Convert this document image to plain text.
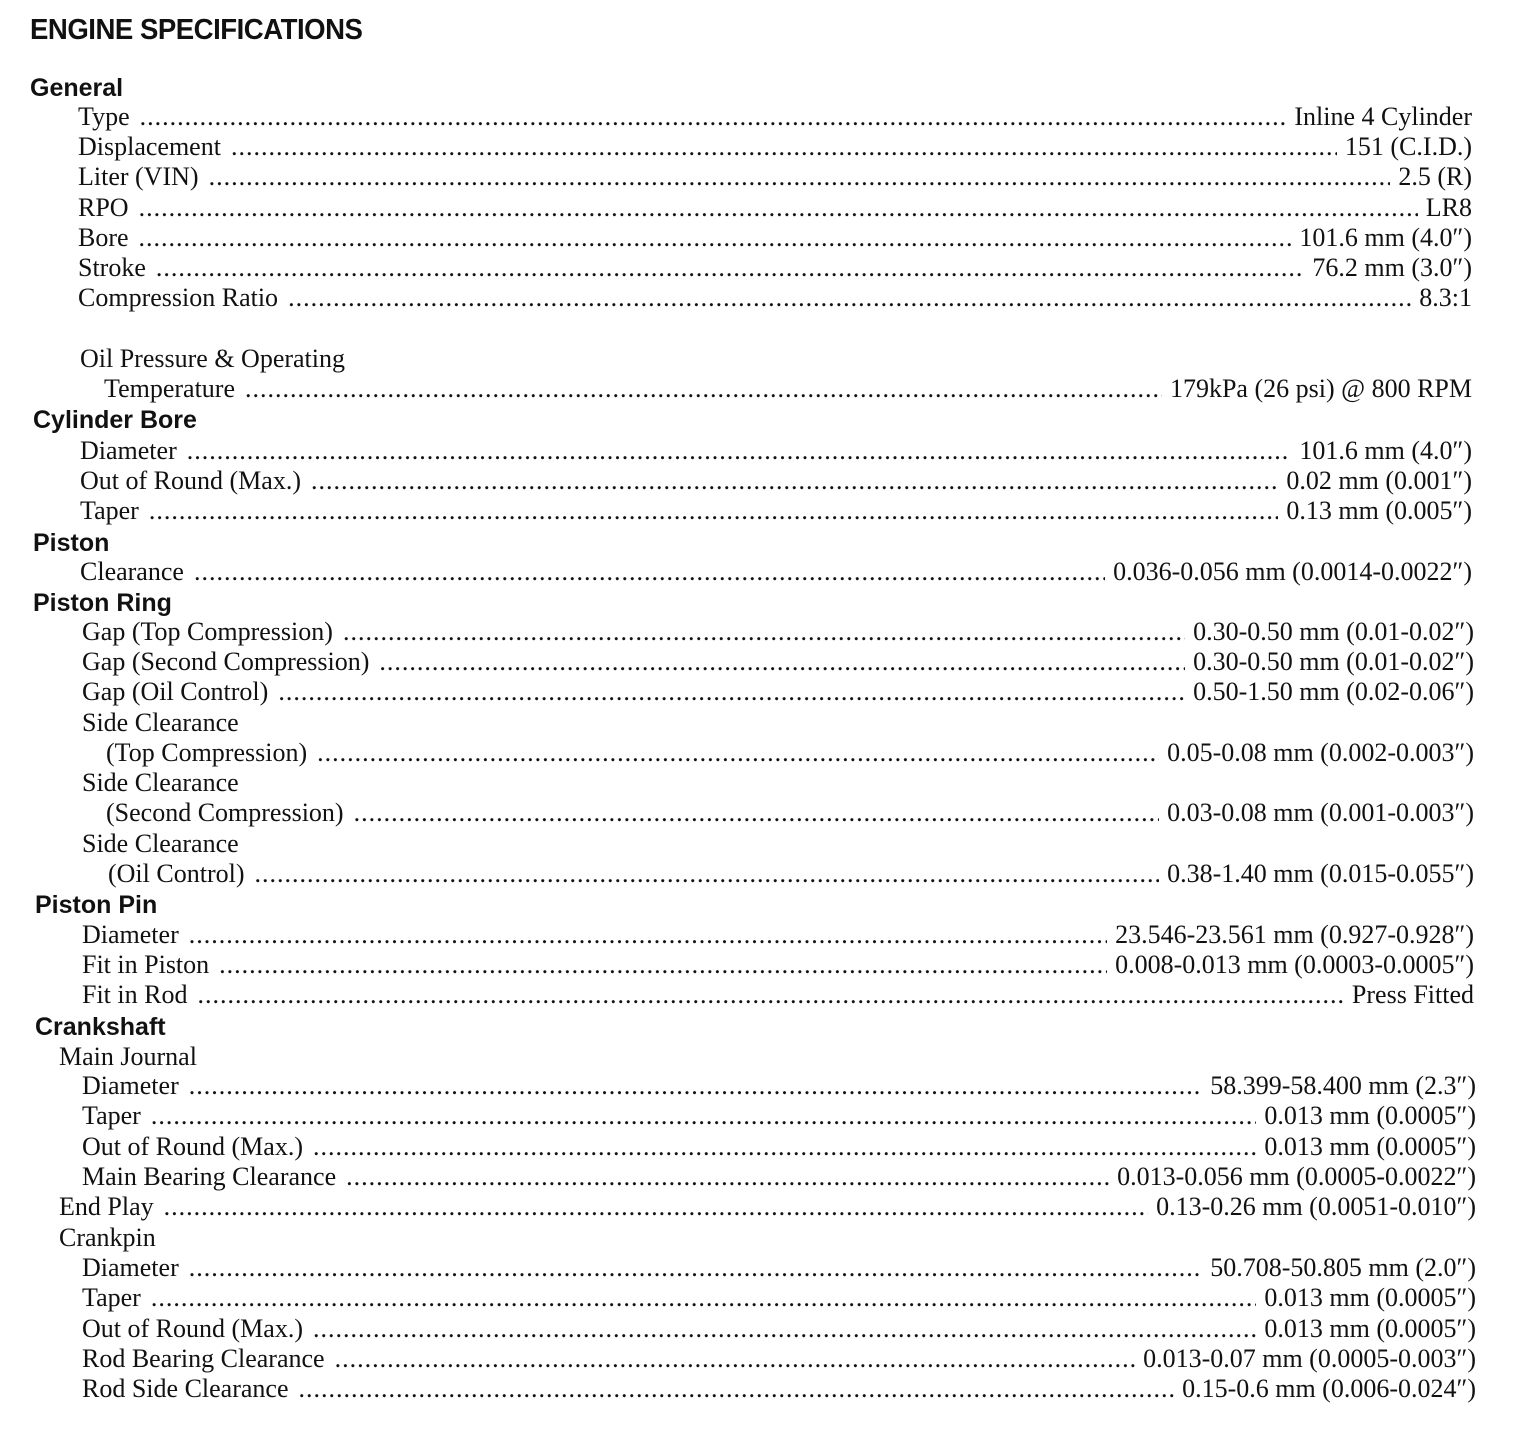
ENGINE SPECIFICATIONS
General
Type .....	Inline 4 Cylinder
Displacement .....	151 (C.I.D.)
Liter (VIN) .....	2.5 (R)
RPO .....	LR8
Bore .....	101.6 mm (4.0″)
Stroke .....	76.2 mm (3.0″)
Compression Ratio .....	8.3:1
Oil Pressure & Operating
Temperature .....	179kPa (26 psi) @ 800 RPM
Cylinder Bore
Diameter .....	101.6 mm (4.0″)
Out of Round (Max.) .....	0.02 mm (0.001″)
Taper .....	0.13 mm (0.005″)
Piston
Clearance .....	0.036-0.056 mm (0.0014-0.0022″)
Piston Ring
Gap (Top Compression) .....	0.30-0.50 mm (0.01-0.02″)
Gap (Second Compression) .....	0.30-0.50 mm (0.01-0.02″)
Gap (Oil Control) .....	0.50-1.50 mm (0.02-0.06″)
Side Clearance
(Top Compression) .....	0.05-0.08 mm (0.002-0.003″)
Side Clearance
(Second Compression) .....	0.03-0.08 mm (0.001-0.003″)
Side Clearance
(Oil Control) .....	0.38-1.40 mm (0.015-0.055″)
Piston Pin
Diameter .....	23.546-23.561 mm (0.927-0.928″)
Fit in Piston .....	0.008-0.013 mm (0.0003-0.0005″)
Fit in Rod .....	Press Fitted
Crankshaft
Main Journal
Diameter .....	58.399-58.400 mm (2.3″)
Taper .....	0.013 mm (0.0005″)
Out of Round (Max.) .....	0.013 mm (0.0005″)
Main Bearing Clearance .....	0.013-0.056 mm (0.0005-0.0022″)
End Play .....	0.13-0.26 mm (0.0051-0.010″)
Crankpin
Diameter .....	50.708-50.805 mm (2.0″)
Taper .....	0.013 mm (0.0005″)
Out of Round (Max.) .....	0.013 mm (0.0005″)
Rod Bearing Clearance .....	0.013-0.07 mm (0.0005-0.003″)
Rod Side Clearance .....	0.15-0.6 mm (0.006-0.024″)
